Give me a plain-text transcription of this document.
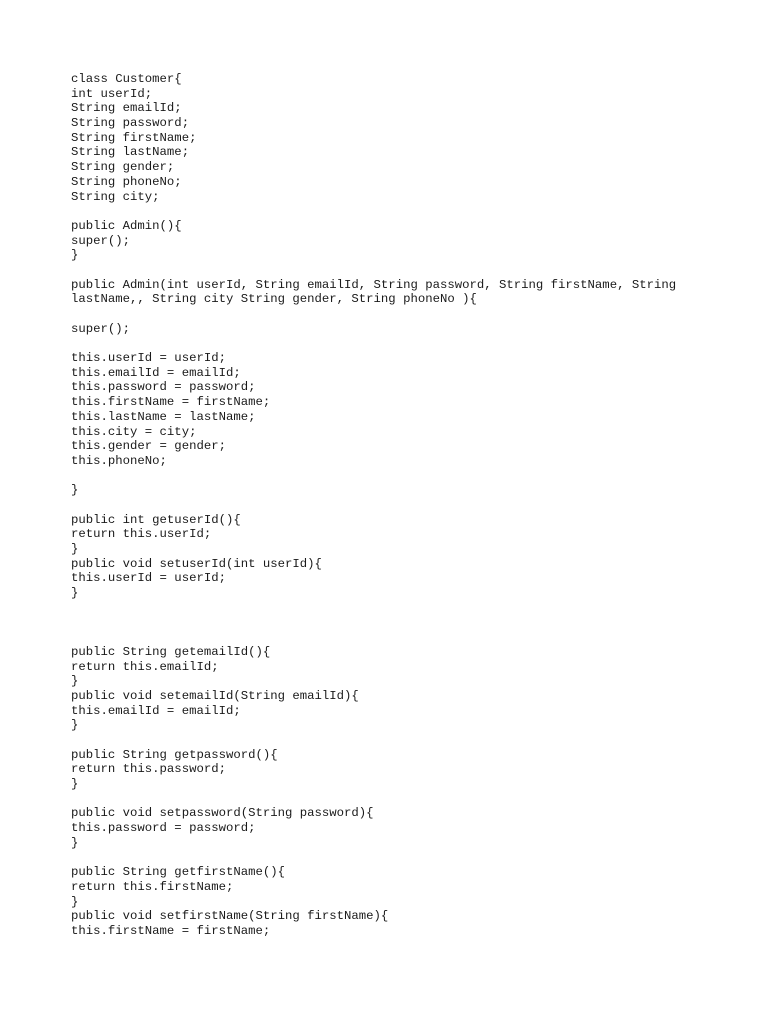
class Customer{
int userId;
String emailId;
String password;
String firstName;
String lastName;
String gender;
String phoneNo;
String city;
public Admin(){
super();
}
public Admin(int userId, String emailId, String password, String firstName, String
lastName,, String city String gender, String phoneNo ){
super();
this.userId = userId;
this.emailId = emailId;
this.password = password;
this.firstName = firstName;
this.lastName = lastName;
this.city = city;
this.gender = gender;
this.phoneNo;
}
public int getuserId(){
return this.userId;
}
public void setuserId(int userId){
this.userId = userId;
}
public String getemailId(){
return this.emailId;
}
public void setemailId(String emailId){
this.emailId = emailId;
}
public String getpassword(){
return this.password;
}
public void setpassword(String password){
this.password = password;
}
public String getfirstName(){
return this.firstName;
}
public void setfirstName(String firstName){
this.firstName = firstName;
